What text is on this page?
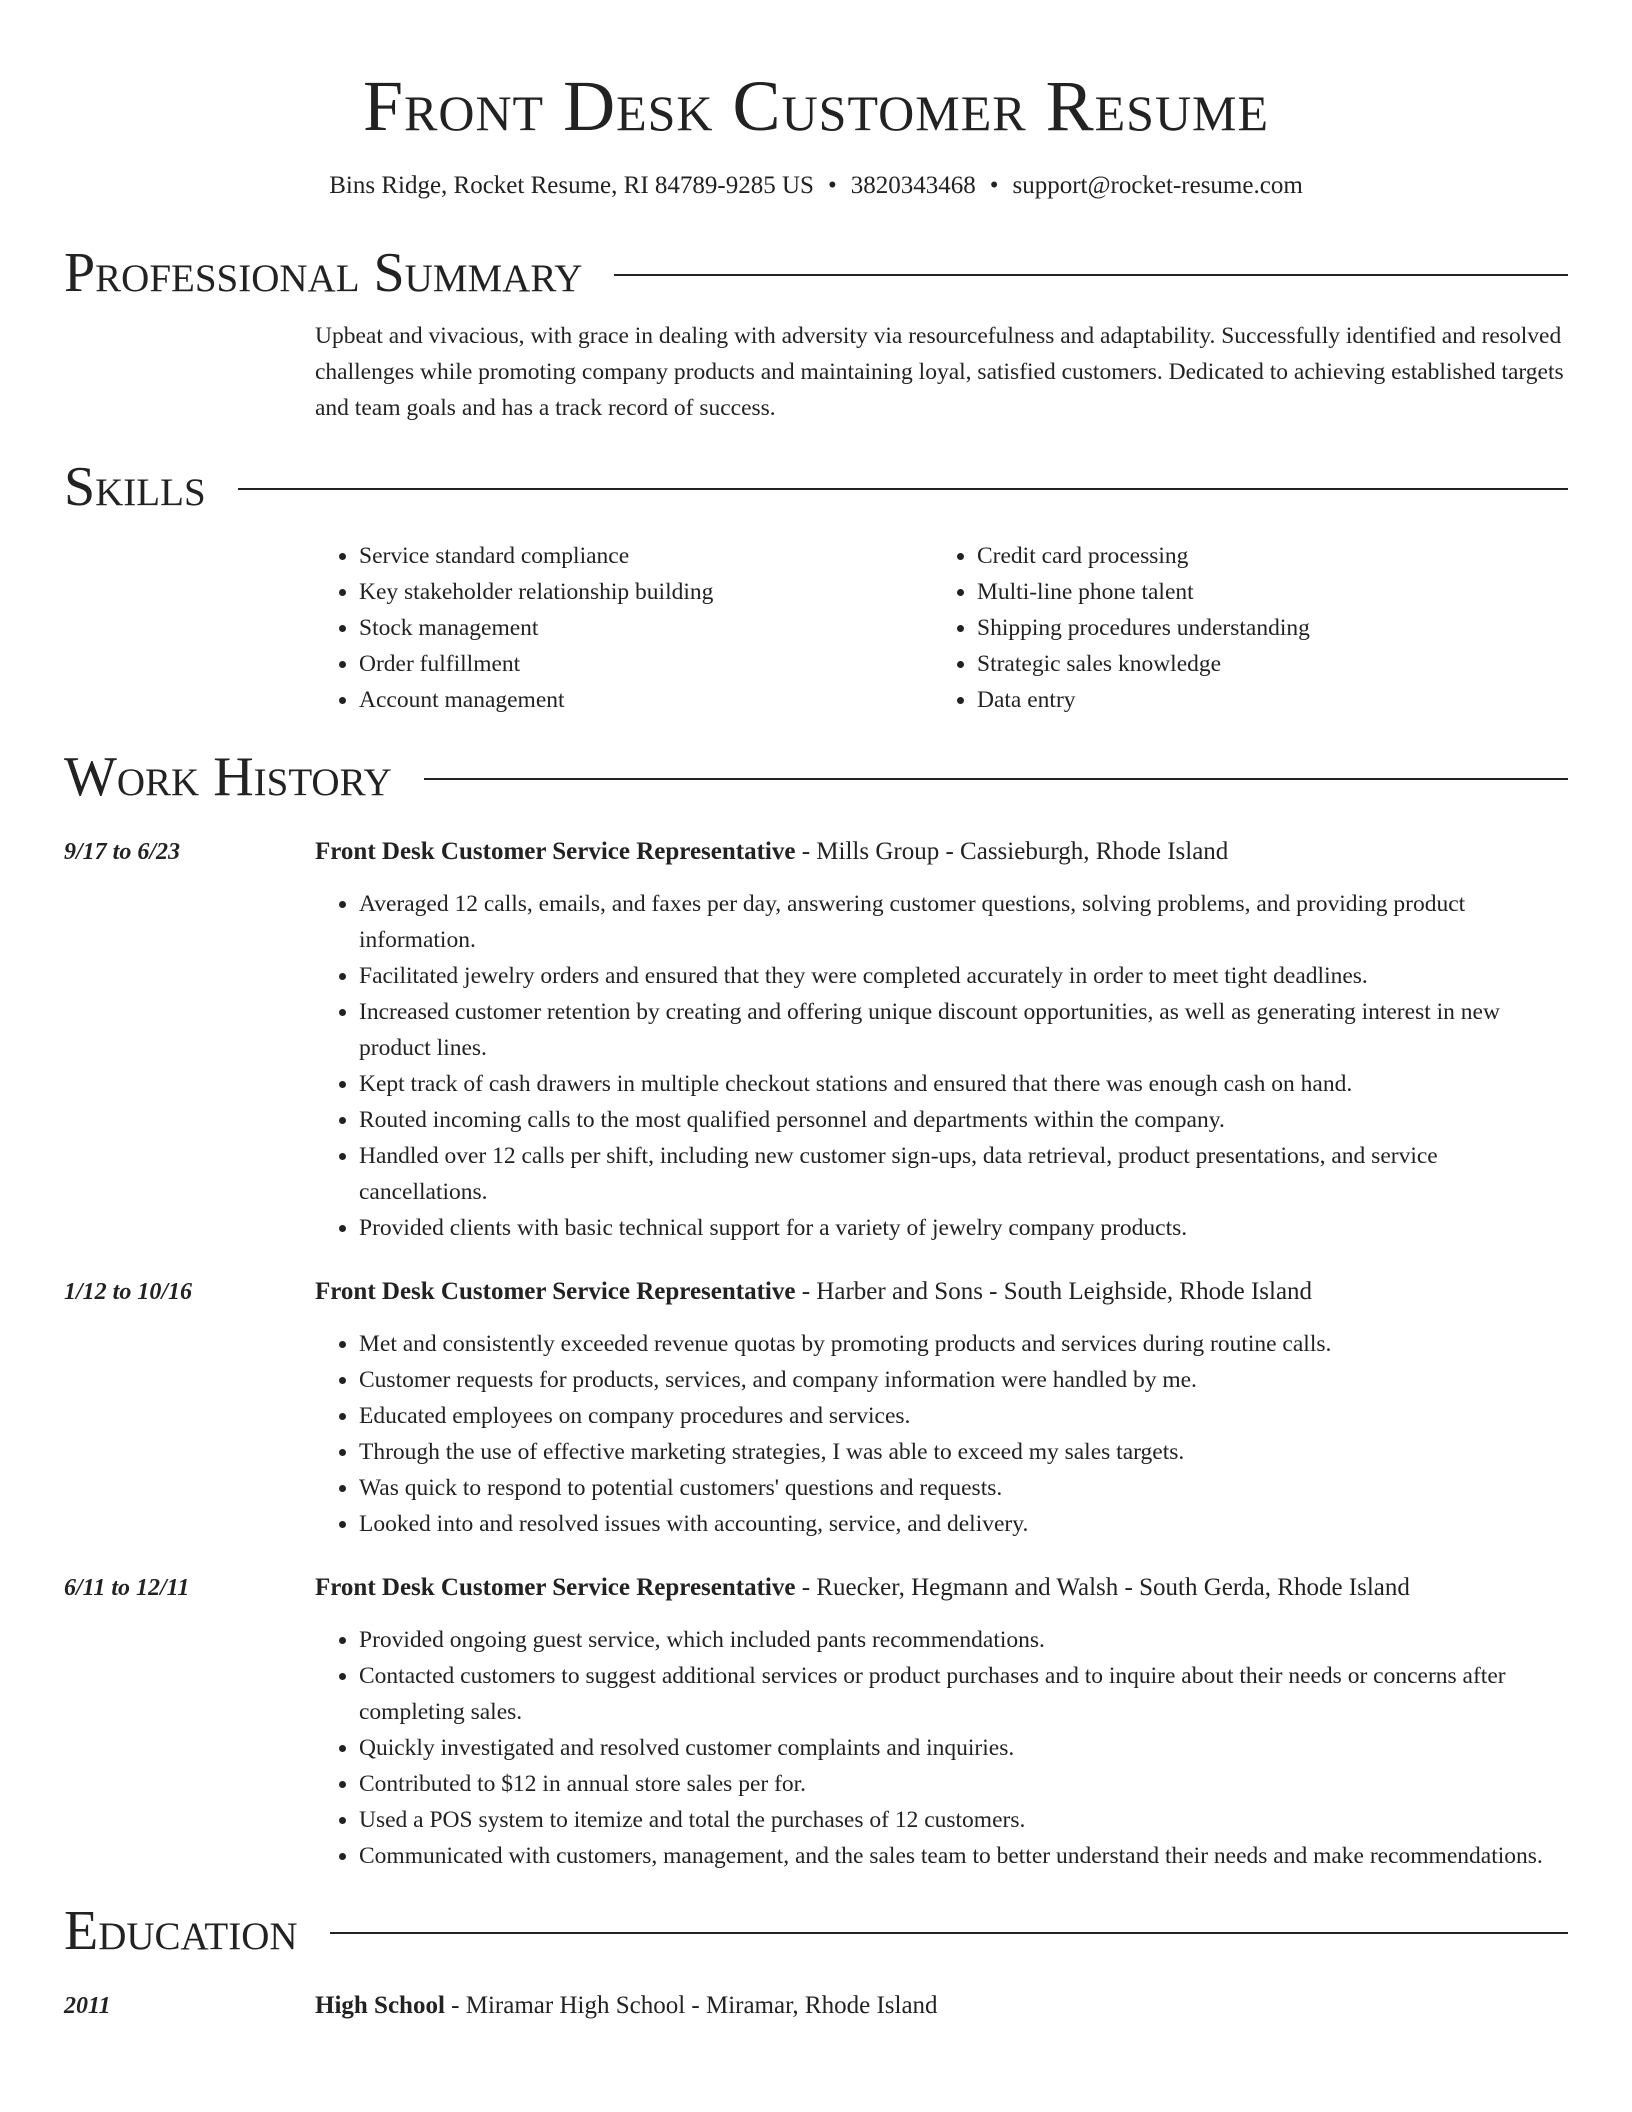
Front Desk Customer Resume
Bins Ridge, Rocket Resume, RI 84789-9285 US • 3820343468 • support@rocket-resume.com
Professional Summary

Upbeat and vivacious, with grace in dealing with adversity via resourcefulness and adaptability. Successfully identified and resolved challenges while promoting company products and maintaining loyal, satisfied customers. Dedicated to achieving established targets and team goals and has a track record of success.

Skills
• Service standard compliance
• Key stakeholder relationship building
• Stock management
• Order fulfillment
• Account management
• Credit card processing
• Multi-line phone talent
• Shipping procedures understanding
• Strategic sales knowledge
• Data entry
Work History
9/17 to 6/23	Front Desk Customer Service Representative - Mills Group - Cassieburgh, Rhode Island
• Averaged 12 calls, emails, and faxes per day, answering customer questions, solving problems, and providing product information.
• Facilitated jewelry orders and ensured that they were completed accurately in order to meet tight deadlines.
• Increased customer retention by creating and offering unique discount opportunities, as well as generating interest in new product lines.
• Kept track of cash drawers in multiple checkout stations and ensured that there was enough cash on hand.
• Routed incoming calls to the most qualified personnel and departments within the company.
• Handled over 12 calls per shift, including new customer sign-ups, data retrieval, product presentations, and service cancellations.
• Provided clients with basic technical support for a variety of jewelry company products.
1/12 to 10/16	Front Desk Customer Service Representative - Harber and Sons - South Leighside, Rhode Island
• Met and consistently exceeded revenue quotas by promoting products and services during routine calls.
• Customer requests for products, services, and company information were handled by me.
• Educated employees on company procedures and services.
• Through the use of effective marketing strategies, I was able to exceed my sales targets.
• Was quick to respond to potential customers' questions and requests.
• Looked into and resolved issues with accounting, service, and delivery.
6/11 to 12/11	Front Desk Customer Service Representative - Ruecker, Hegmann and Walsh - South Gerda, Rhode Island
• Provided ongoing guest service, which included pants recommendations.
• Contacted customers to suggest additional services or product purchases and to inquire about their needs or concerns after completing sales.
• Quickly investigated and resolved customer complaints and inquiries.
• Contributed to $12 in annual store sales per for.
• Used a POS system to itemize and total the purchases of 12 customers.
• Communicated with customers, management, and the sales team to better understand their needs and make recommendations.
Education
2011	High School - Miramar High School - Miramar, Rhode Island
